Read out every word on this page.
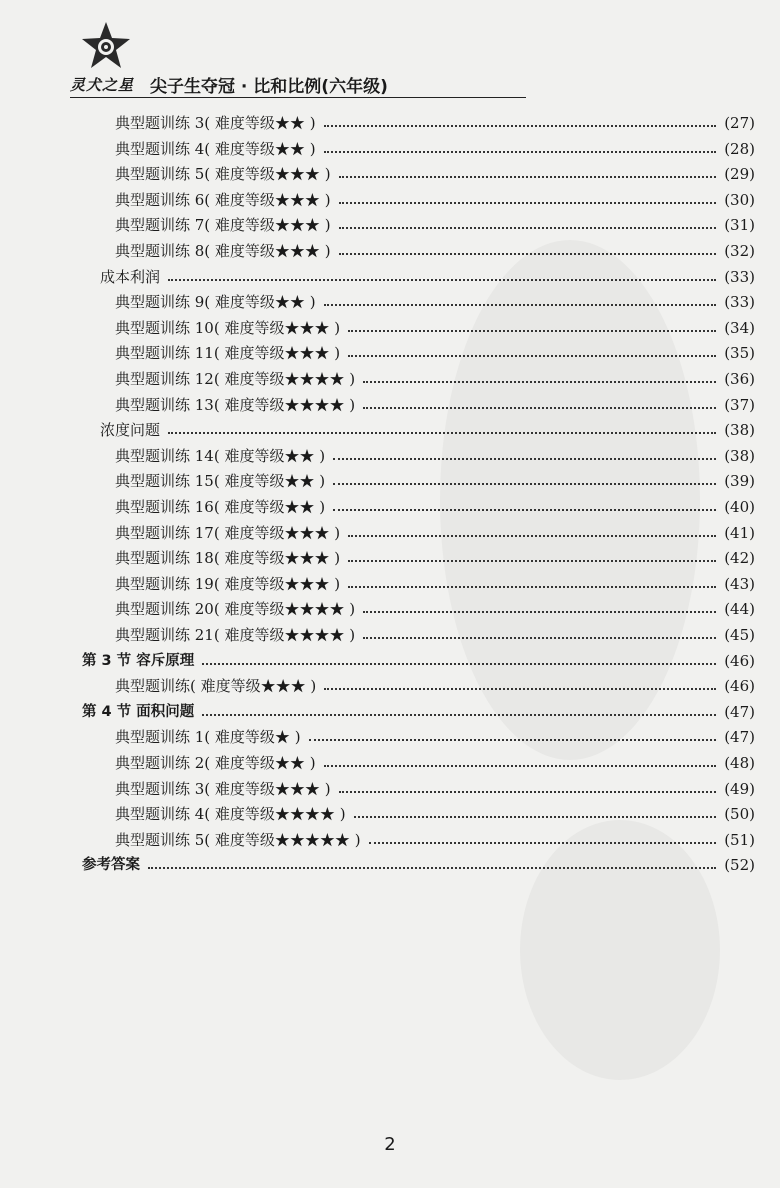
灵犬之星 尖子生夺冠 · 比和比例(六年级)
典型题训练 3( 难度等级★★ )	(27)
典型题训练 4( 难度等级★★ )	(28)
典型题训练 5( 难度等级★★★ )	(29)
典型题训练 6( 难度等级★★★ )	(30)
典型题训练 7( 难度等级★★★ )	(31)
典型题训练 8( 难度等级★★★ )	(32)
成本利润	(33)
典型题训练 9( 难度等级★★ )	(33)
典型题训练 10( 难度等级★★★ )	(34)
典型题训练 11( 难度等级★★★ )	(35)
典型题训练 12( 难度等级★★★★ )	(36)
典型题训练 13( 难度等级★★★★ )	(37)
浓度问题	(38)
典型题训练 14( 难度等级★★ )	(38)
典型题训练 15( 难度等级★★ )	(39)
典型题训练 16( 难度等级★★ )	(40)
典型题训练 17( 难度等级★★★ )	(41)
典型题训练 18( 难度等级★★★ )	(42)
典型题训练 19( 难度等级★★★ )	(43)
典型题训练 20( 难度等级★★★★ )	(44)
典型题训练 21( 难度等级★★★★ )	(45)
第 3 节 容斥原理	(46)
典型题训练( 难度等级★★★ )	(46)
第 4 节 面积问题	(47)
典型题训练 1( 难度等级★ )	(47)
典型题训练 2( 难度等级★★ )	(48)
典型题训练 3( 难度等级★★★ )	(49)
典型题训练 4( 难度等级★★★★ )	(50)
典型题训练 5( 难度等级★★★★★ )	(51)
参考答案	(52)
2
